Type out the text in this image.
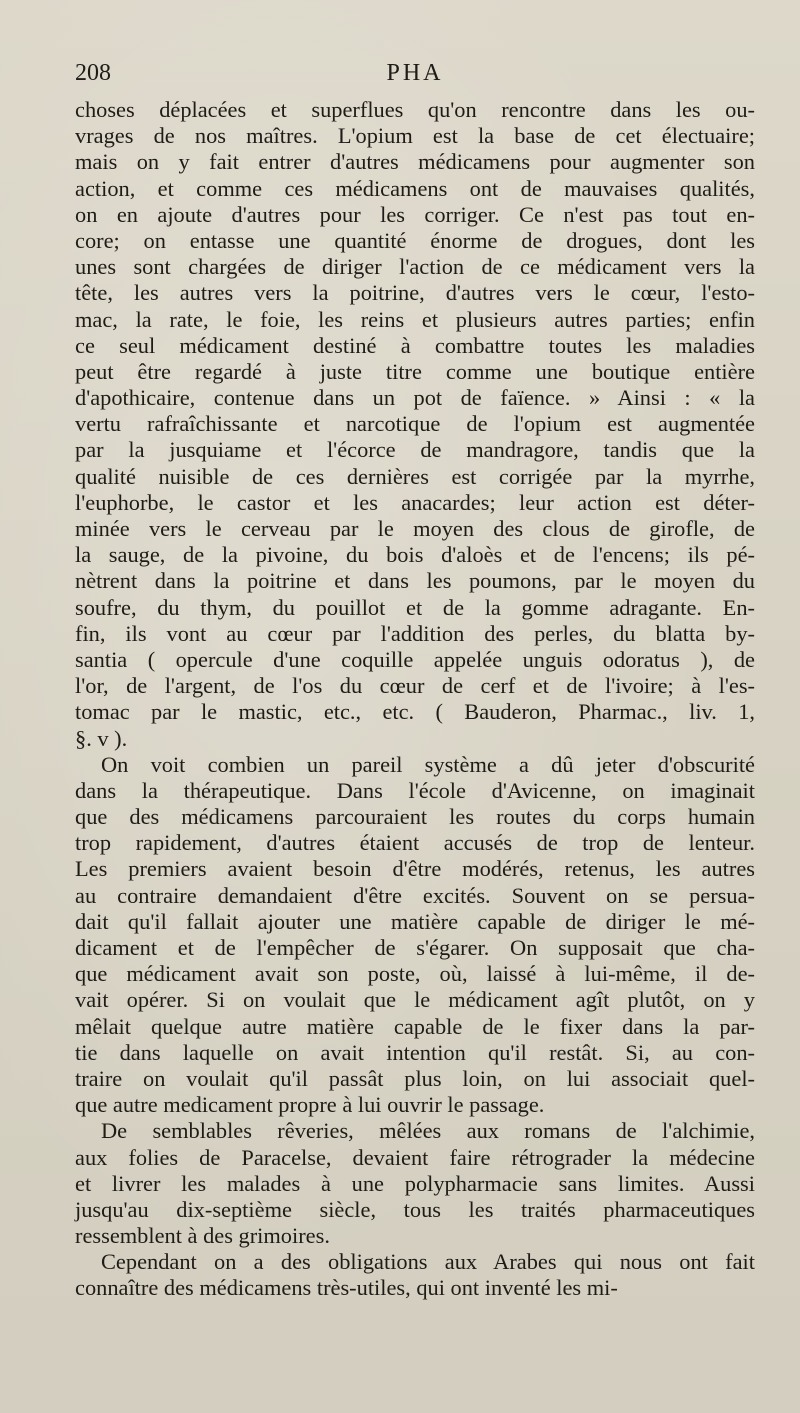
208	PHA

choses déplacées et superflues qu'on rencontre dans les ou-
vrages de nos maîtres. L'opium est la base de cet électuaire;
mais on y fait entrer d'autres médicamens pour augmenter son
action, et comme ces médicamens ont de mauvaises qualités,
on en ajoute d'autres pour les corriger. Ce n'est pas tout en-
core; on entasse une quantité énorme de drogues, dont les
unes sont chargées de diriger l'action de ce médicament vers la
tête, les autres vers la poitrine, d'autres vers le cœur, l'esto-
mac, la rate, le foie, les reins et plusieurs autres parties; enfin
ce seul médicament destiné à combattre toutes les maladies
peut être regardé à juste titre comme une boutique entière
d'apothicaire, contenue dans un pot de faïence. » Ainsi : « la
vertu rafraîchissante et narcotique de l'opium est augmentée
par la jusquiame et l'écorce de mandragore, tandis que la
qualité nuisible de ces dernières est corrigée par la myrrhe,
l'euphorbe, le castor et les anacardes; leur action est déter-
minée vers le cerveau par le moyen des clous de girofle, de
la sauge, de la pivoine, du bois d'aloès et de l'encens; ils pé-
nètrent dans la poitrine et dans les poumons, par le moyen du
soufre, du thym, du pouillot et de la gomme adragante. En-
fin, ils vont au cœur par l'addition des perles, du blatta by-
santia ( opercule d'une coquille appelée unguis odoratus ), de
l'or, de l'argent, de l'os du cœur de cerf et de l'ivoire; à l'es-
tomac par le mastic, etc., etc. ( Bauderon, Pharmac., liv. 1,
§. v ).

On voit combien un pareil système a dû jeter d'obscurité
dans la thérapeutique. Dans l'école d'Avicenne, on imaginait
que des médicamens parcouraient les routes du corps humain
trop rapidement, d'autres étaient accusés de trop de lenteur.
Les premiers avaient besoin d'être modérés, retenus, les autres
au contraire demandaient d'être excités. Souvent on se persua-
dait qu'il fallait ajouter une matière capable de diriger le mé-
dicament et de l'empêcher de s'égarer. On supposait que cha-
que médicament avait son poste, où, laissé à lui-même, il de-
vait opérer. Si on voulait que le médicament agît plutôt, on y
mêlait quelque autre matière capable de le fixer dans la par-
tie dans laquelle on avait intention qu'il restât. Si, au con-
traire on voulait qu'il passât plus loin, on lui associait quel-
que autre medicament propre à lui ouvrir le passage.

De semblables rêveries, mêlées aux romans de l'alchimie,
aux folies de Paracelse, devaient faire rétrograder la médecine
et livrer les malades à une polypharmacie sans limites. Aussi
jusqu'au dix-septième siècle, tous les traités pharmaceutiques
ressemblent à des grimoires.

Cependant on a des obligations aux Arabes qui nous ont fait
connaître des médicamens très-utiles, qui ont inventé les mi-
